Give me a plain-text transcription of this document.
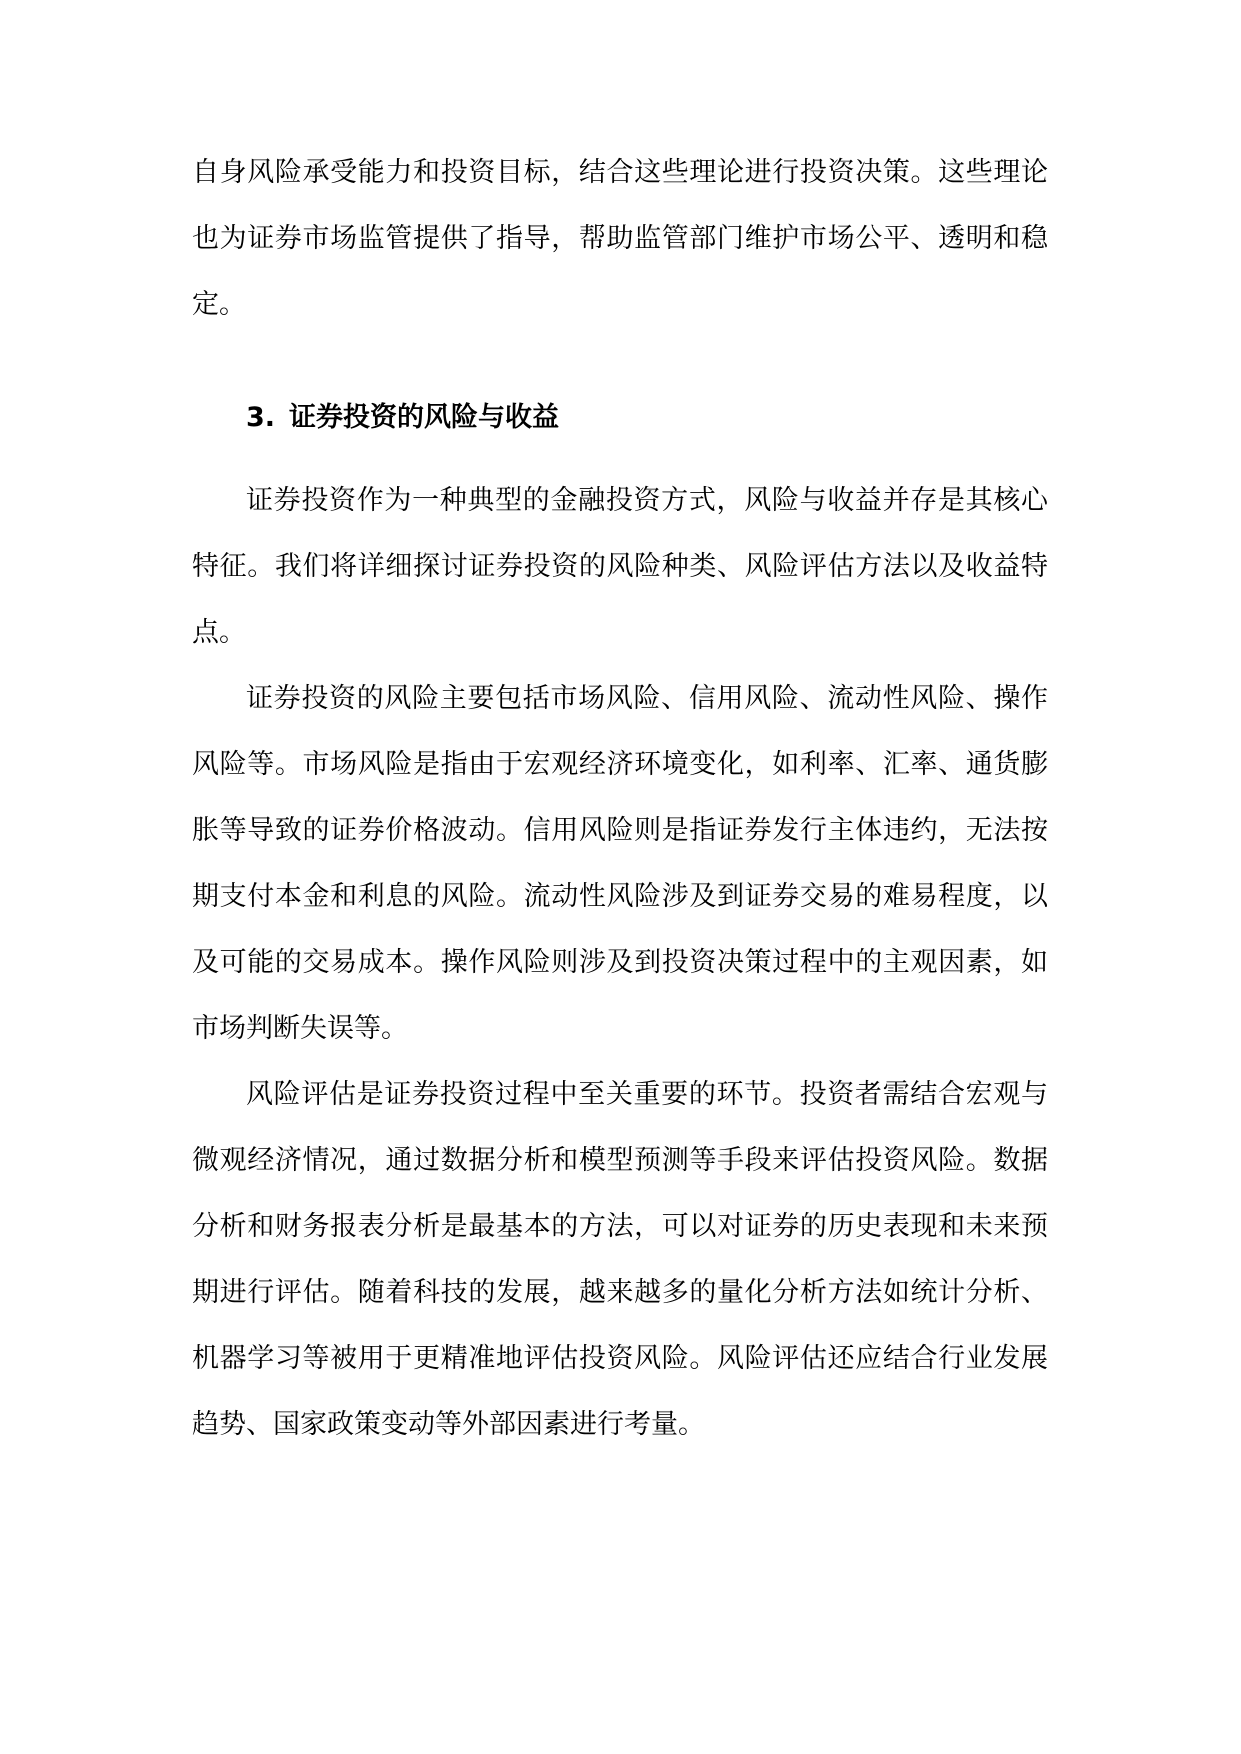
自身风险承受能力和投资目标，结合这些理论进行投资决策。这些理论也为证券市场监管提供了指导，帮助监管部门维护市场公平、透明和稳定。

3. 证券投资的风险与收益

证券投资作为一种典型的金融投资方式，风险与收益并存是其核心特征。我们将详细探讨证券投资的风险种类、风险评估方法以及收益特点。

证券投资的风险主要包括市场风险、信用风险、流动性风险、操作风险等。市场风险是指由于宏观经济环境变化，如利率、汇率、通货膨胀等导致的证券价格波动。信用风险则是指证券发行主体违约，无法按期支付本金和利息的风险。流动性风险涉及到证券交易的难易程度，以及可能的交易成本。操作风险则涉及到投资决策过程中的主观因素，如市场判断失误等。

风险评估是证券投资过程中至关重要的环节。投资者需结合宏观与微观经济情况，通过数据分析和模型预测等手段来评估投资风险。数据分析和财务报表分析是最基本的方法，可以对证券的历史表现和未来预期进行评估。随着科技的发展，越来越多的量化分析方法如统计分析、机器学习等被用于更精准地评估投资风险。风险评估还应结合行业发展趋势、国家政策变动等外部因素进行考量。
